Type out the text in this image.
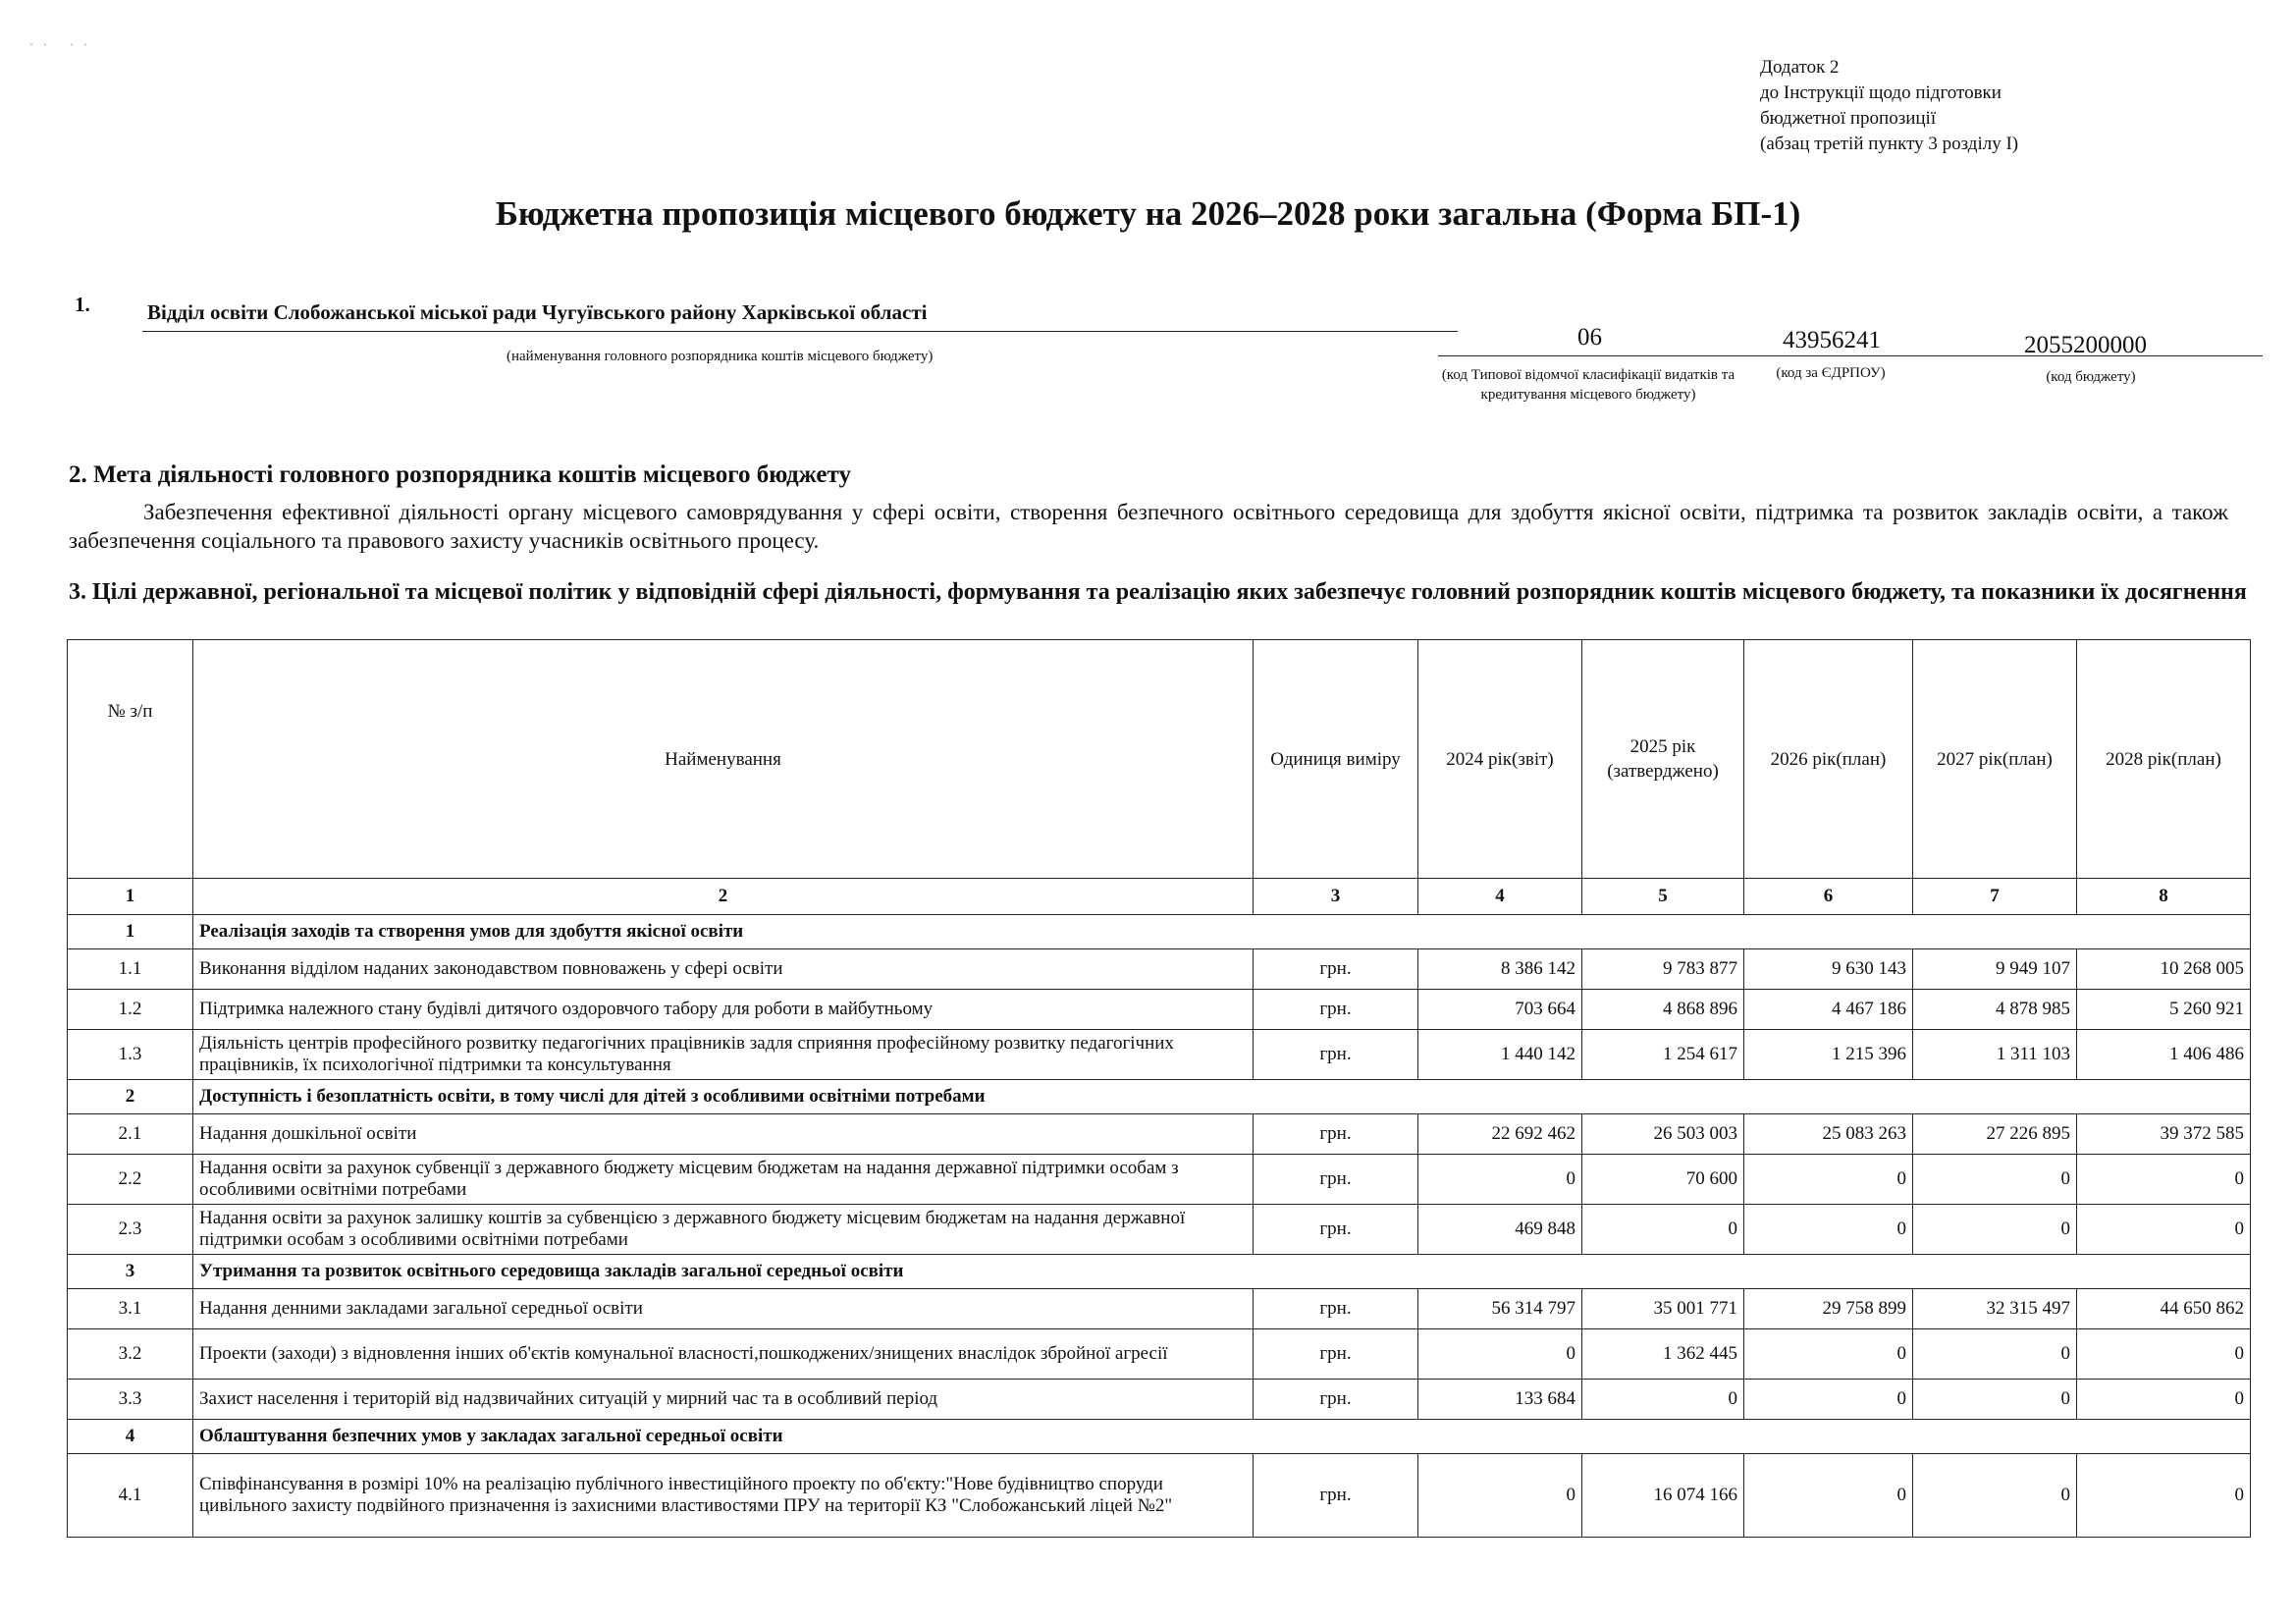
·· ··
Додаток 2
до Інструкції щодо підготовки
бюджетної пропозиції
(абзац третій пункту 3 розділу І)
Бюджетна пропозиція місцевого бюджету на 2026–2028 роки загальна (Форма БП-1)
1.	Відділ освіти Слобожанської міської ради Чугуївського району Харківської області
(найменування головного розпорядника коштів місцевого бюджету)
06	43956241	2055200000
(код Типової відомчої класифікації видатків та кредитування місцевого бюджету)
(код за ЄДРПОУ)	(код бюджету)
2. Мета діяльності головного розпорядника коштів місцевого бюджету
Забезпечення ефективної діяльності органу місцевого самоврядування у сфері освіти, створення безпечного освітнього середовища для здобуття якісної освіти, підтримка та розвиток закладів освіти, а також забезпечення соціального та правового захисту учасників освітнього процесу.
3. Цілі державної, регіональної та місцевої політик у відповідній сфері діяльності, формування та реалізацію яких забезпечує головний розпорядник коштів місцевого бюджету, та показники їх досягнення
№ з/п	Найменування	Одиниця виміру	2024 рік(звіт)	2025 рік (затверджено)	2026 рік(план)	2027 рік(план)	2028 рік(план)
1	2	3	4	5	6	7	8
1	Реалізація заходів та створення умов для здобуття якісної освіти						
1.1	Виконання відділом наданих законодавством повноважень у сфері освіти	грн.	8 386 142	9 783 877	9 630 143	9 949 107	10 268 005
1.2	Підтримка належного стану будівлі дитячого оздоровчого табору для роботи в майбутньому	грн.	703 664	4 868 896	4 467 186	4 878 985	5 260 921
1.3	Діяльність центрів професійного розвитку педагогічних працівників задля сприяння професійному розвитку педагогічних працівників, їх психологічної підтримки та консультування	грн.	1 440 142	1 254 617	1 215 396	1 311 103	1 406 486
2	Доступність і безоплатність освіти, в тому числі для дітей з особливими освітніми потребами						
2.1	Надання дошкільної освіти	грн.	22 692 462	26 503 003	25 083 263	27 226 895	39 372 585
2.2	Надання освіти за рахунок субвенції з державного бюджету місцевим бюджетам на надання державної підтримки особам з особливими освітніми потребами	грн.	0	70 600	0	0	0
2.3	Надання освіти за рахунок залишку коштів за субвенцією з державного бюджету місцевим бюджетам на надання державної підтримки особам з особливими освітніми потребами	грн.	469 848	0	0	0	0
3	Утримання та розвиток освітнього середовища закладів загальної середньої освіти						
3.1	Надання денними закладами загальної середньої освіти	грн.	56 314 797	35 001 771	29 758 899	32 315 497	44 650 862
3.2	Проекти (заходи) з відновлення інших об'єктів комунальної власності,пошкоджених/знищених внаслідок збройної агресії	грн.	0	1 362 445	0	0	0
3.3	Захист населення і територій від надзвичайних ситуацій у мирний час та в особливий період	грн.	133 684	0	0	0	0
4	Облаштування безпечних умов у закладах загальної середньої освіти						
4.1	Співфінансування в розмірі 10% на реалізацію публічного інвестиційного проекту по об'єкту:"Нове будівництво споруди цивільного захисту подвійного призначення із захисними властивостями ПРУ на території КЗ "Слобожанський ліцей №2"	грн.	0	16 074 166	0	0	0
